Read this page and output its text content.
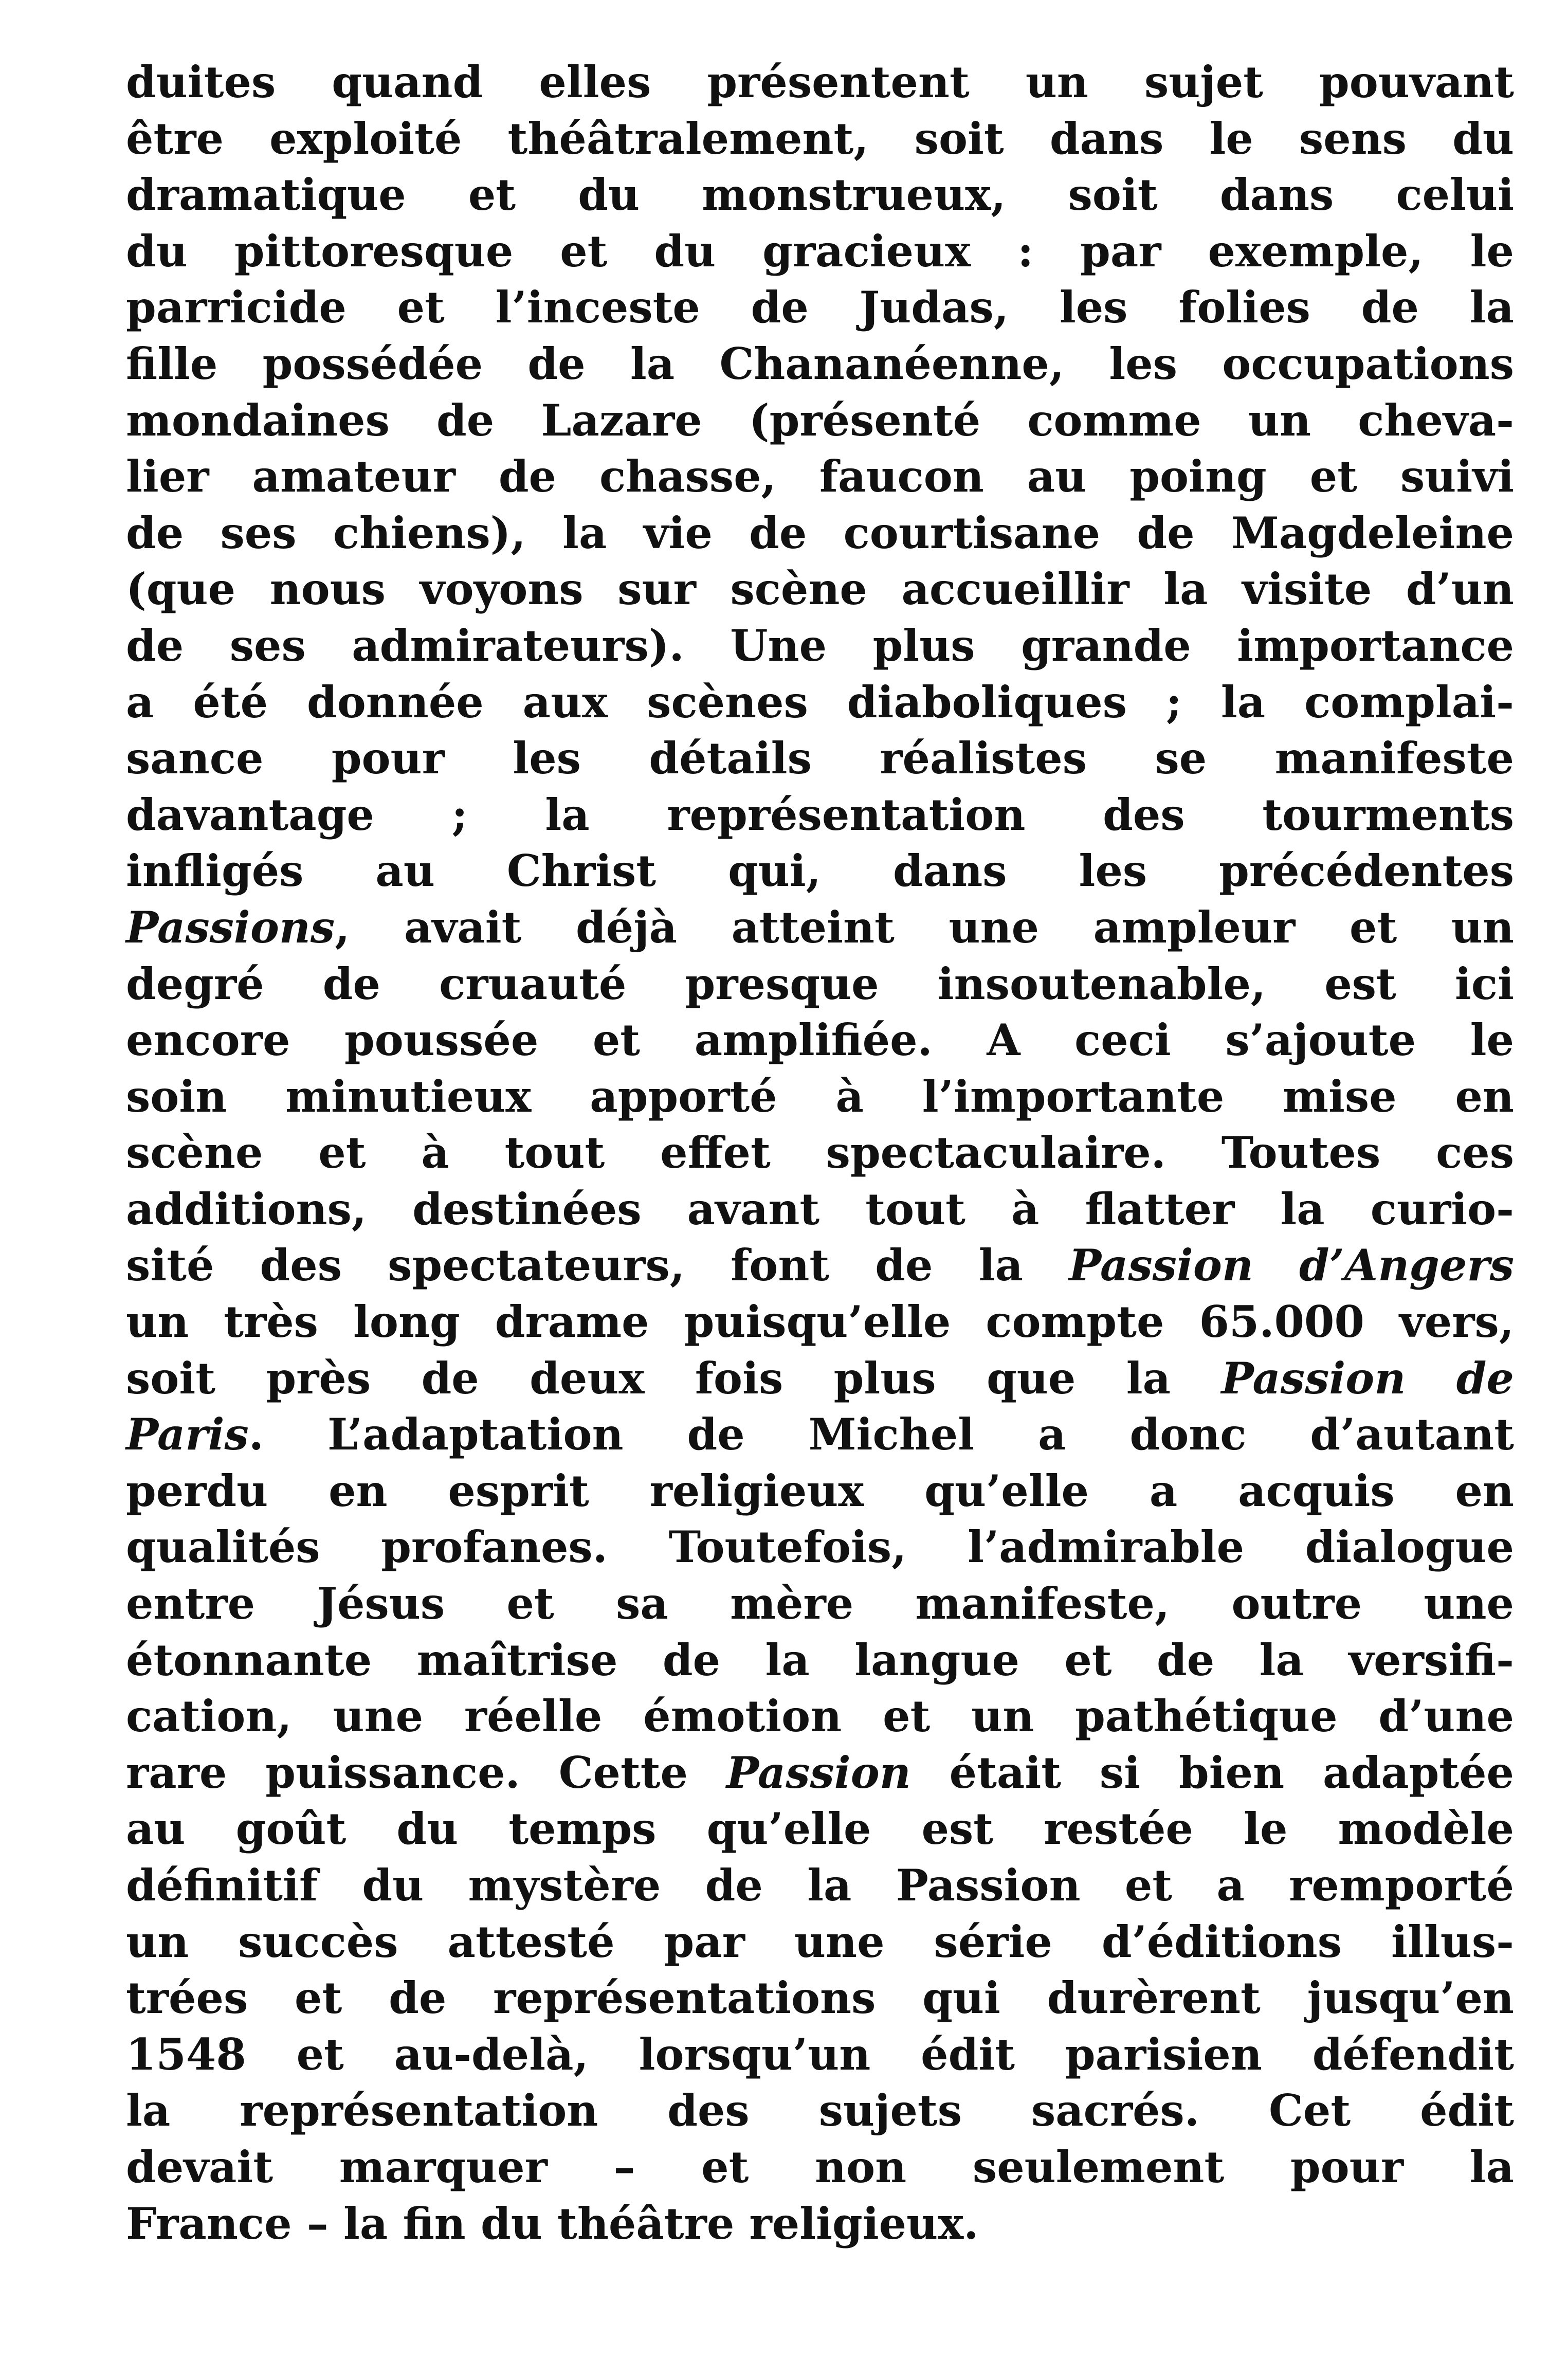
duites quand elles présentent un sujet pouvant
être exploité théâtralement, soit dans le sens du
dramatique et du monstrueux, soit dans celui
du pittoresque et du gracieux : par exemple, le
parricide et l’inceste de Judas, les folies de la
fille possédée de la Chananéenne, les occupations
mondaines de Lazare (présenté comme un cheva-
lier amateur de chasse, faucon au poing et suivi
de ses chiens), la vie de courtisane de Magdeleine
(que nous voyons sur scène accueillir la visite d’un
de ses admirateurs). Une plus grande importance
a été donnée aux scènes diaboliques ; la complai-
sance pour les détails réalistes se manifeste
davantage ; la représentation des tourments
infligés au Christ qui, dans les précédentes
Passions, avait déjà atteint une ampleur et un
degré de cruauté presque insoutenable, est ici
encore poussée et amplifiée. A ceci s’ajoute le
soin minutieux apporté à l’importante mise en
scène et à tout effet spectaculaire. Toutes ces
additions, destinées avant tout à flatter la curio-
sité des spectateurs, font de la Passion d’Angers
un très long drame puisqu’elle compte 65.000 vers,
soit près de deux fois plus que la Passion de
Paris. L’adaptation de Michel a donc d’autant
perdu en esprit religieux qu’elle a acquis en
qualités profanes. Toutefois, l’admirable dialogue
entre Jésus et sa mère manifeste, outre une
étonnante maîtrise de la langue et de la versifi-
cation, une réelle émotion et un pathétique d’une
rare puissance. Cette Passion était si bien adaptée
au goût du temps qu’elle est restée le modèle
définitif du mystère de la Passion et a remporté
un succès attesté par une série d’éditions illus-
trées et de représentations qui durèrent jusqu’en
1548 et au-delà, lorsqu’un édit parisien défendit
la représentation des sujets sacrés. Cet édit
devait marquer – et non seulement pour la
France – la fin du théâtre religieux.
